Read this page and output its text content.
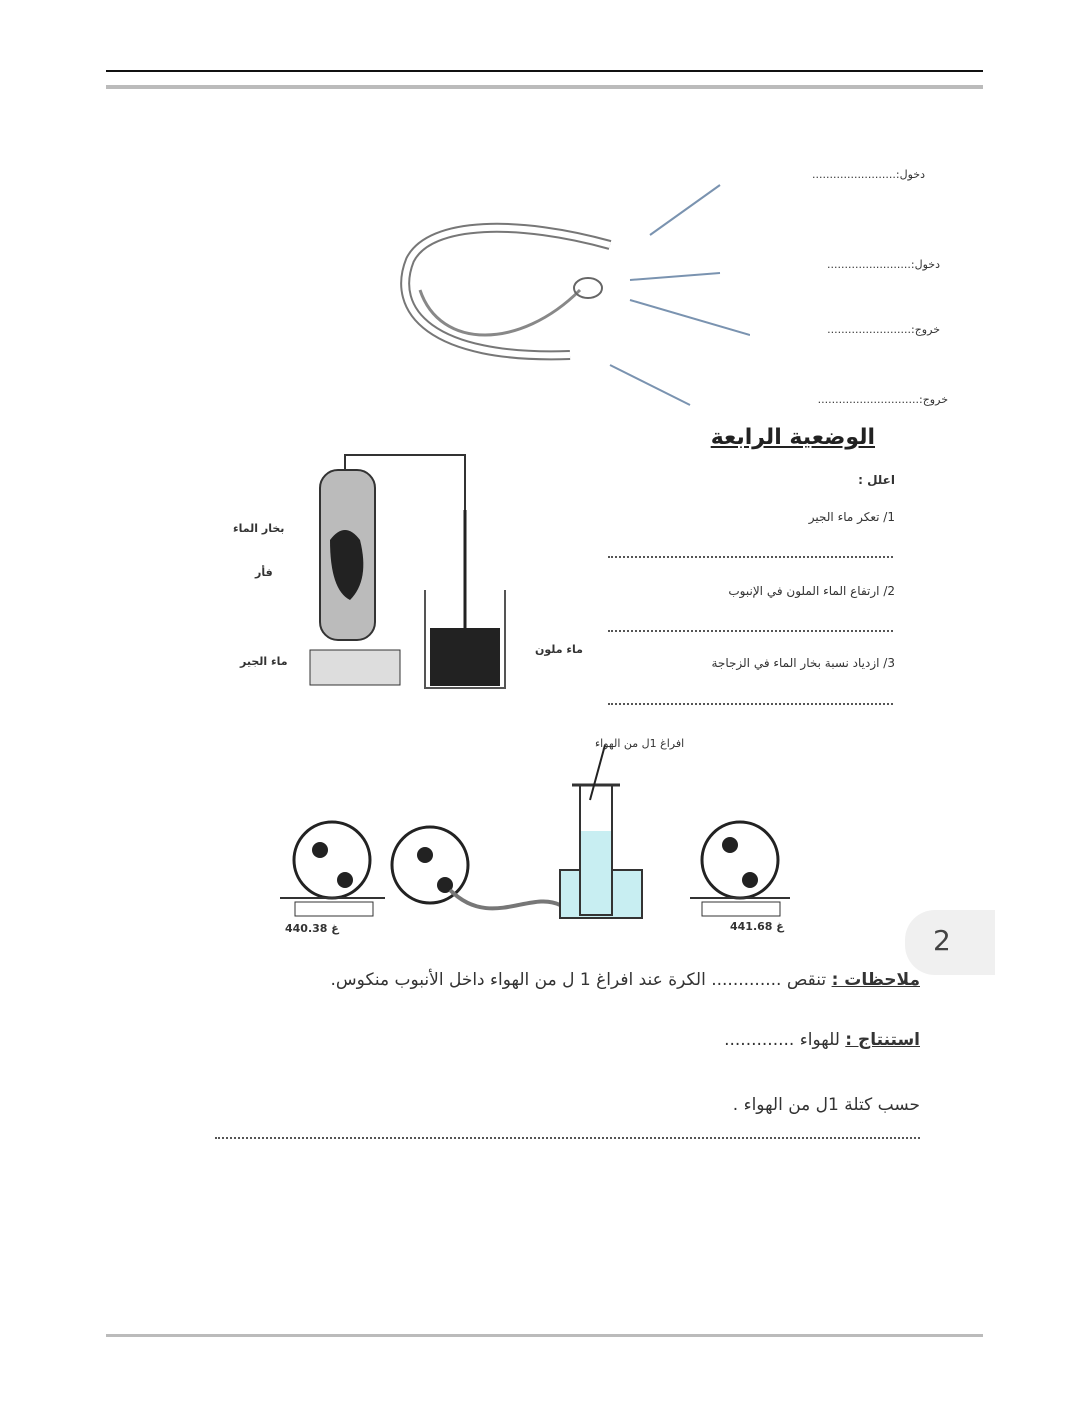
دخول:........................
دخول:........................
خروج:........................
خروج:.............................
الوضعية الرابعة
اعلل :
1/ تعكر ماء الجير
2/ ارتفاع الماء الملون في الإنبوب
3/ ازدياد نسبة بخار الماء في الزجاجة
بخار الماء
فأر
ماء الجير
ماء ملون
افراغ 1ل من الهواء
440.38 غ	441.68 غ	2
ملاحظات : تنقص ............. الكرة عند افراغ 1 ل من الهواء داخل الأنبوب منكوس.
استنتاج : للهواء .............
حسب كتلة 1ل من الهواء .
